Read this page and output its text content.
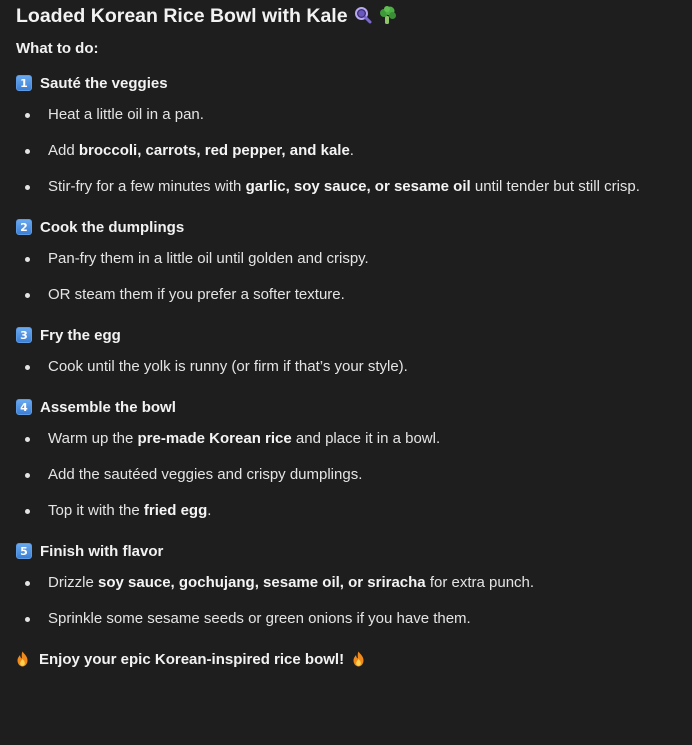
Loaded Korean Rice Bowl with Kale
What to do:
1 Sauté the veggies
Heat a little oil in a pan.
Add broccoli, carrots, red pepper, and kale.
Stir-fry for a few minutes with garlic, soy sauce, or sesame oil until tender but still crisp.
2 Cook the dumplings
Pan-fry them in a little oil until golden and crispy.
OR steam them if you prefer a softer texture.
3 Fry the egg
Cook until the yolk is runny (or firm if that’s your style).
4 Assemble the bowl
Warm up the pre-made Korean rice and place it in a bowl.
Add the sautéed veggies and crispy dumplings.
Top it with the fried egg.
5 Finish with flavor
Drizzle soy sauce, gochujang, sesame oil, or sriracha for extra punch.
Sprinkle some sesame seeds or green onions if you have them.
Enjoy your epic Korean-inspired rice bowl!
